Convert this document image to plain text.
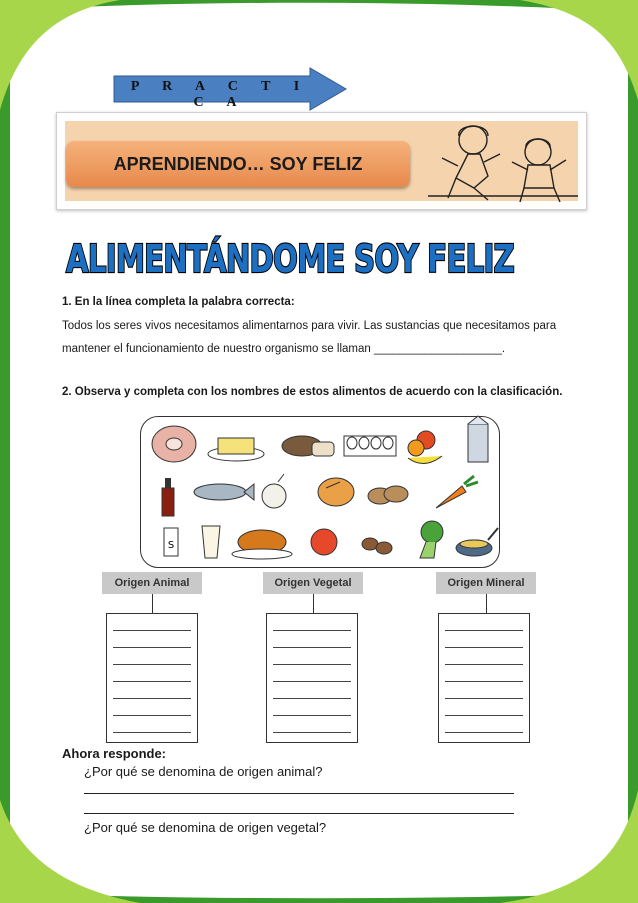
P R A C T I C A
APRENDIENDO… SOY FELIZ
ALIMENTÁNDOME SOY FELIZ
1. En la línea completa la palabra correcta:
Todos los seres vivos necesitamos alimentarnos para vivir. Las sustancias que necesitamos para
mantener el funcionamiento de nuestro organismo se llaman ____________________.
2. Observa y completa con los nombres de estos alimentos de acuerdo con la clasificación.
S
Origen Animal	Origen Vegetal	Origen Mineral
Ahora responde:
¿Por qué se denomina de origen animal?
¿Por qué se denomina de origen vegetal?
